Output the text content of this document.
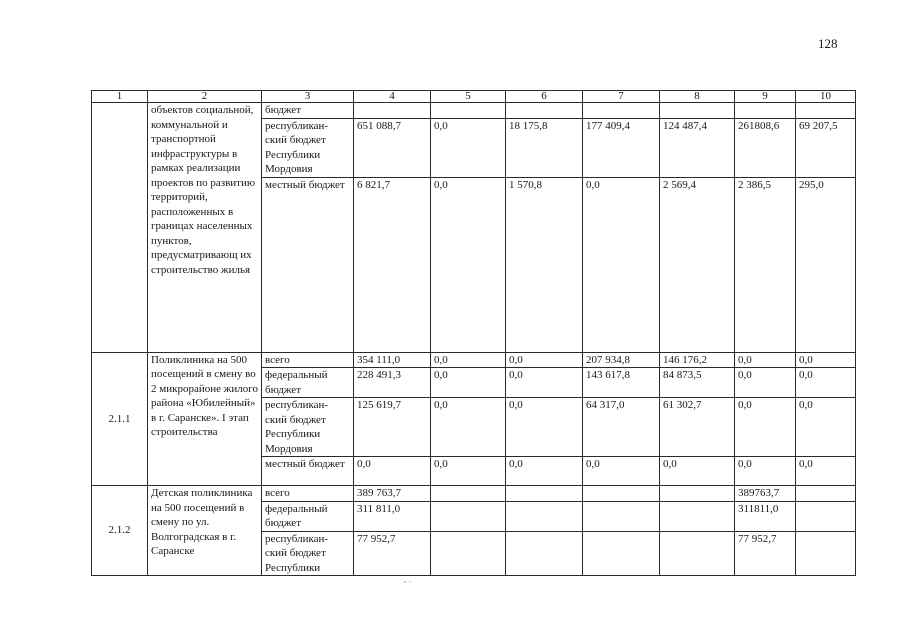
128
1	2	3	4	5	6	7	8	9	10
	объектов социальной, коммунальной и транспортной инфраструктуры в рамках реализации проектов по развитию территорий, расположенных в границах населенных пунктов, предусматривающ их строительство жилья	бюджет							
		республикан-ский бюджет Республики Мордовия	651 088,7	0,0	18 175,8	177 409,4	124 487,4	261808,6	69 207,5
		местный бюджет	6 821,7	0,0	1 570,8	0,0	2 569,4	2 386,5	295,0
2.1.1	Поликлиника на 500 посещений в смену во 2 микрорайоне жилого района «Юбилейный» в г. Саранске». I этап строительства	всего	354 111,0	0,0	0,0	207 934,8	146 176,2	0,0	0,0
		федеральный бюджет	228 491,3	0,0	0,0	143 617,8	84 873,5	0,0	0,0
		республикан-ский бюджет Республики Мордовия	125 619,7	0,0	0,0	64 317,0	61 302,7	0,0	0,0
		местный бюджет	0,0	0,0	0,0	0,0	0,0	0,0	0,0
2.1.2	Детская поликлиника на 500 посещений в смену по ул. Волгоградская в г. Саранске	всего	389 763,7					389763,7	
		федеральный бюджет	311 811,0					311811,0	
		республикан-ский бюджет Республики	77 952,7					77 952,7	
